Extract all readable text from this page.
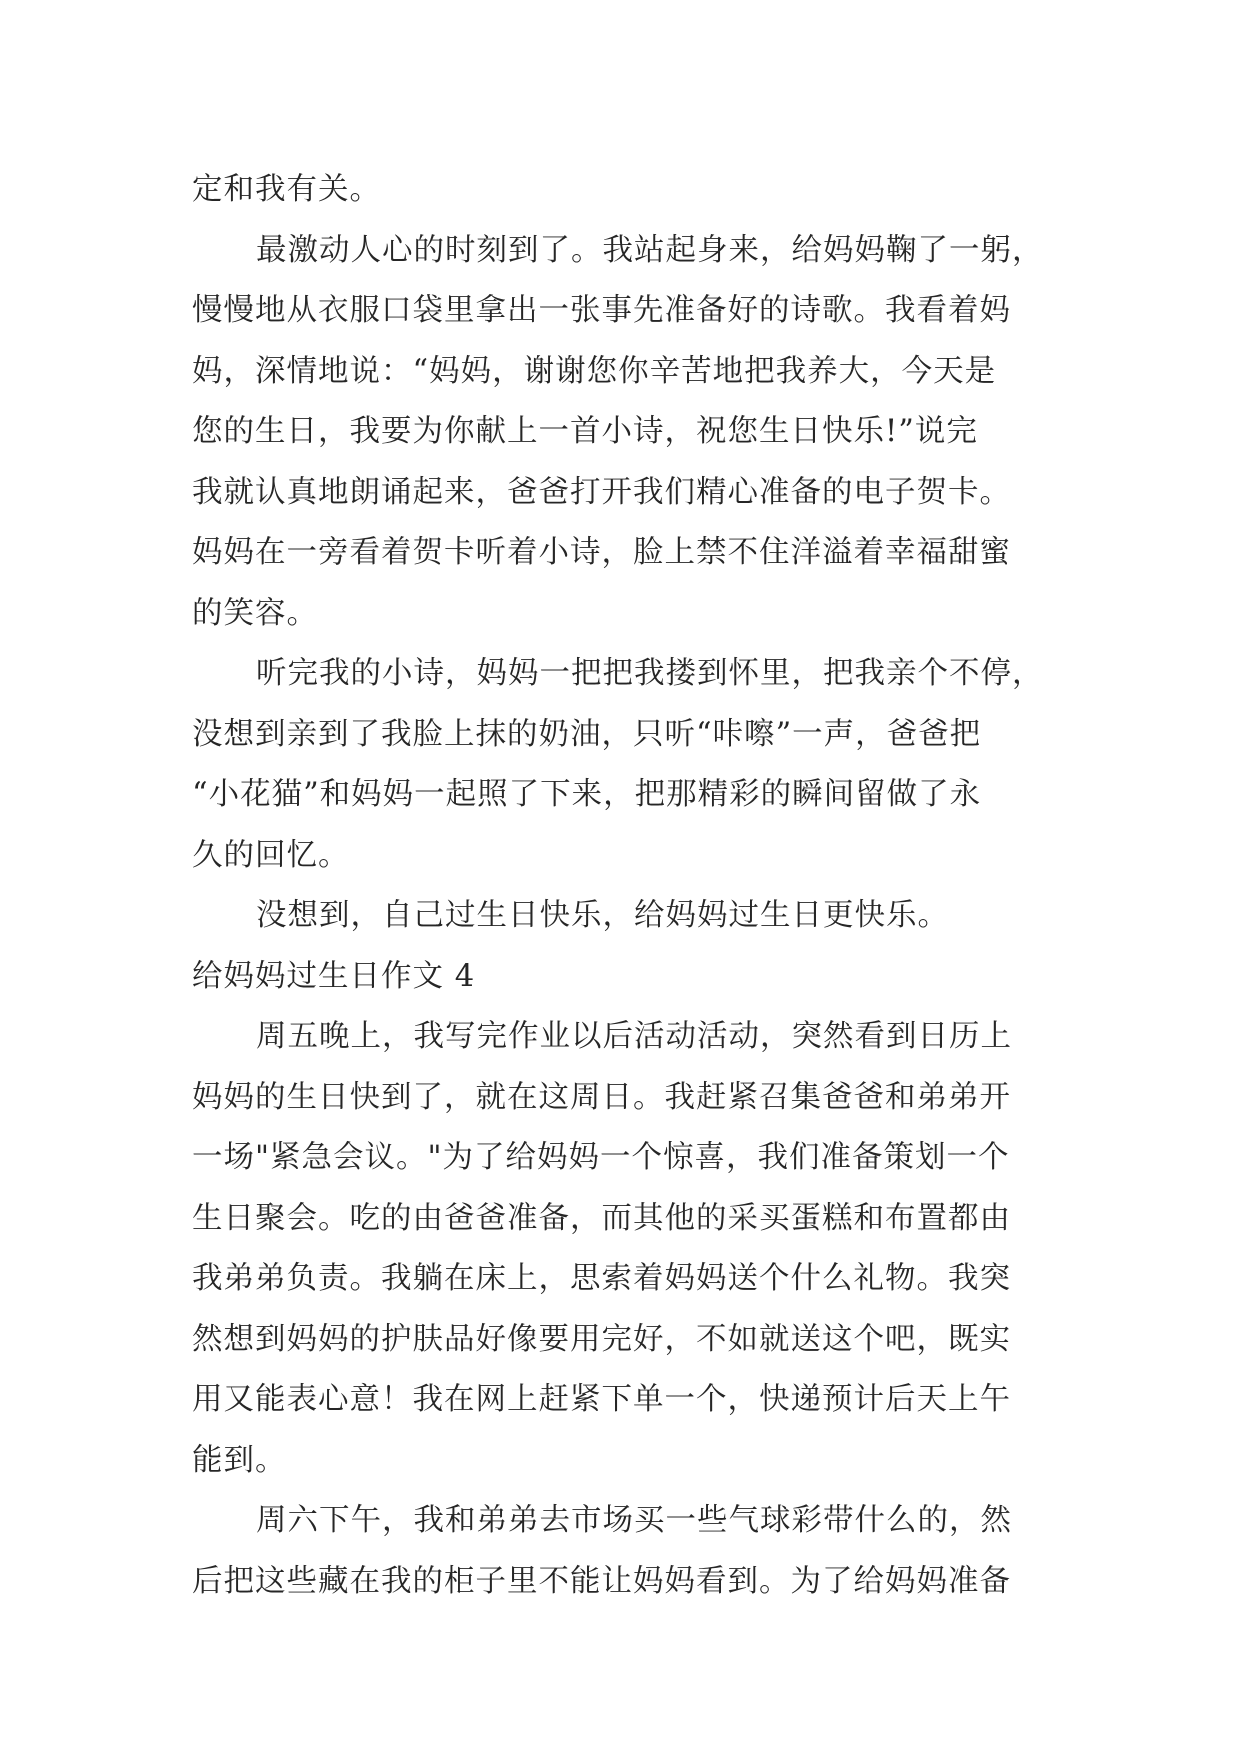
定和我有关。
最激动人心的时刻到了。我站起身来，给妈妈鞠了一躬，
慢慢地从衣服口袋里拿出一张事先准备好的诗歌。我看着妈
妈，深情地说：“妈妈，谢谢您你辛苦地把我养大，今天是
您的生日，我要为你献上一首小诗，祝您生日快乐!”说完
我就认真地朗诵起来，爸爸打开我们精心准备的电子贺卡。
妈妈在一旁看着贺卡听着小诗，脸上禁不住洋溢着幸福甜蜜
的笑容。
听完我的小诗，妈妈一把把我搂到怀里，把我亲个不停，
没想到亲到了我脸上抹的奶油，只听“咔嚓”一声，爸爸把
“小花猫”和妈妈一起照了下来，把那精彩的瞬间留做了永
久的回忆。
没想到，自己过生日快乐，给妈妈过生日更快乐。
给妈妈过生日作文 4
周五晚上，我写完作业以后活动活动，突然看到日历上
妈妈的生日快到了，就在这周日。我赶紧召集爸爸和弟弟开
一场"紧急会议。"为了给妈妈一个惊喜，我们准备策划一个
生日聚会。吃的由爸爸准备，而其他的采买蛋糕和布置都由
我弟弟负责。我躺在床上，思索着妈妈送个什么礼物。我突
然想到妈妈的护肤品好像要用完好，不如就送这个吧，既实
用又能表心意！我在网上赶紧下单一个，快递预计后天上午
能到。
周六下午，我和弟弟去市场买一些气球彩带什么的，然
后把这些藏在我的柜子里不能让妈妈看到。为了给妈妈准备
